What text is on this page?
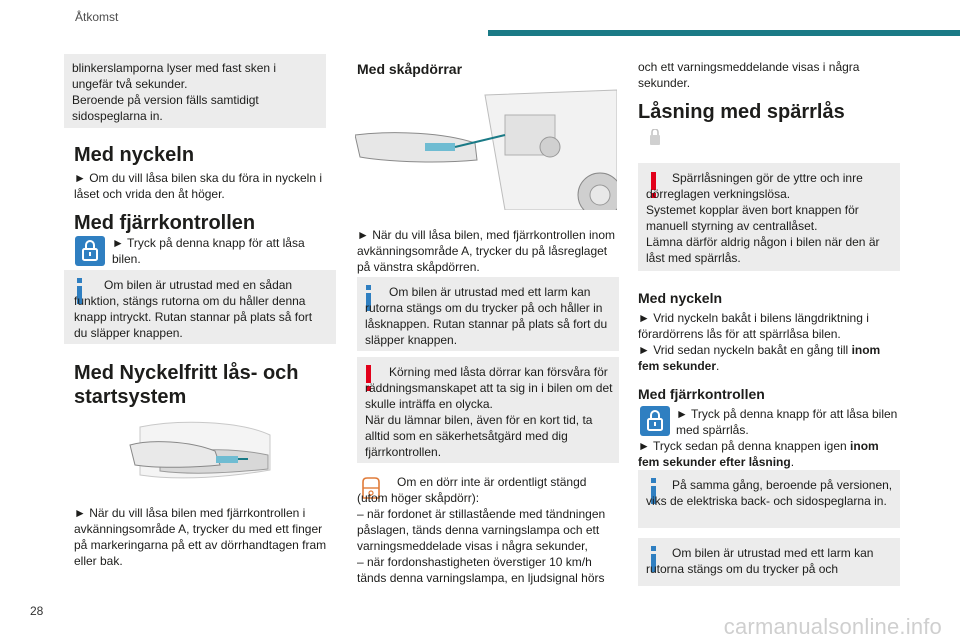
Åtkomst
blinkerslamporna lyser med fast sken i ungefär två sekunder.
Beroende på version fälls samtidigt sidospeglarna in.
Med nyckeln
► Om du vill låsa bilen ska du föra in nyckeln i låset och vrida den åt höger.
Med fjärrkontrollen
► Tryck på denna knapp för att låsa bilen.
Om bilen är utrustad med en sådan funktion, stängs rutorna om du håller denna knapp intryckt. Rutan stannar på plats så fort du släpper knappen.
Med Nyckelfritt lås- och startsystem
► När du vill låsa bilen med fjärrkontrollen i avkänningsområde A, trycker du med ett finger på markeringarna på ett av dörrhandtagen fram eller bak.
Med skåpdörrar
► När du vill låsa bilen, med fjärrkontrollen inom avkänningsområde A, trycker du på låsreglaget på vänstra skåpdörren.
Om bilen är utrustad med ett larm kan rutorna stängs om du trycker på och håller in låsknappen. Rutan stannar på plats så fort du släpper knappen.
Körning med låsta dörrar kan försvåra för räddningsmanskapet att ta sig in i bilen om det skulle inträffa en olycka.
När du lämnar bilen, även för en kort tid, ta alltid som en säkerhetsåtgärd med dig fjärrkontrollen.
Om en dörr inte är ordentligt stängd (utom höger skåpdörr):
– när fordonet är stillastående med tändningen påslagen, tänds denna varningslampa och ett varningsmeddelade visas i några sekunder,
– när fordonshastigheten överstiger 10 km/h tänds denna varningslampa, en ljudsignal hörs
och ett varningsmeddelande visas i några sekunder.
Låsning med spärrlås
Spärrlåsningen gör de yttre och inre dörreglagen verkningslösa.
Systemet kopplar även bort knappen för manuell styrning av centrallåset.
Lämna därför aldrig någon i bilen när den är låst med spärrlås.
Med nyckeln
► Vrid nyckeln bakåt i bilens längdriktning i förardörrens lås för att spärrlåsa bilen.
► Vrid sedan nyckeln bakåt en gång till inom fem sekunder.
Med fjärrkontrollen
► Tryck på denna knapp för att låsa bilen med spärrlås.
► Tryck sedan på denna knappen igen inom fem sekunder efter låsning.
På samma gång, beroende på versionen, viks de elektriska back- och sidospeglarna in.
Om bilen är utrustad med ett larm kan rutorna stängs om du trycker på och
28
carmanualsonline.info
